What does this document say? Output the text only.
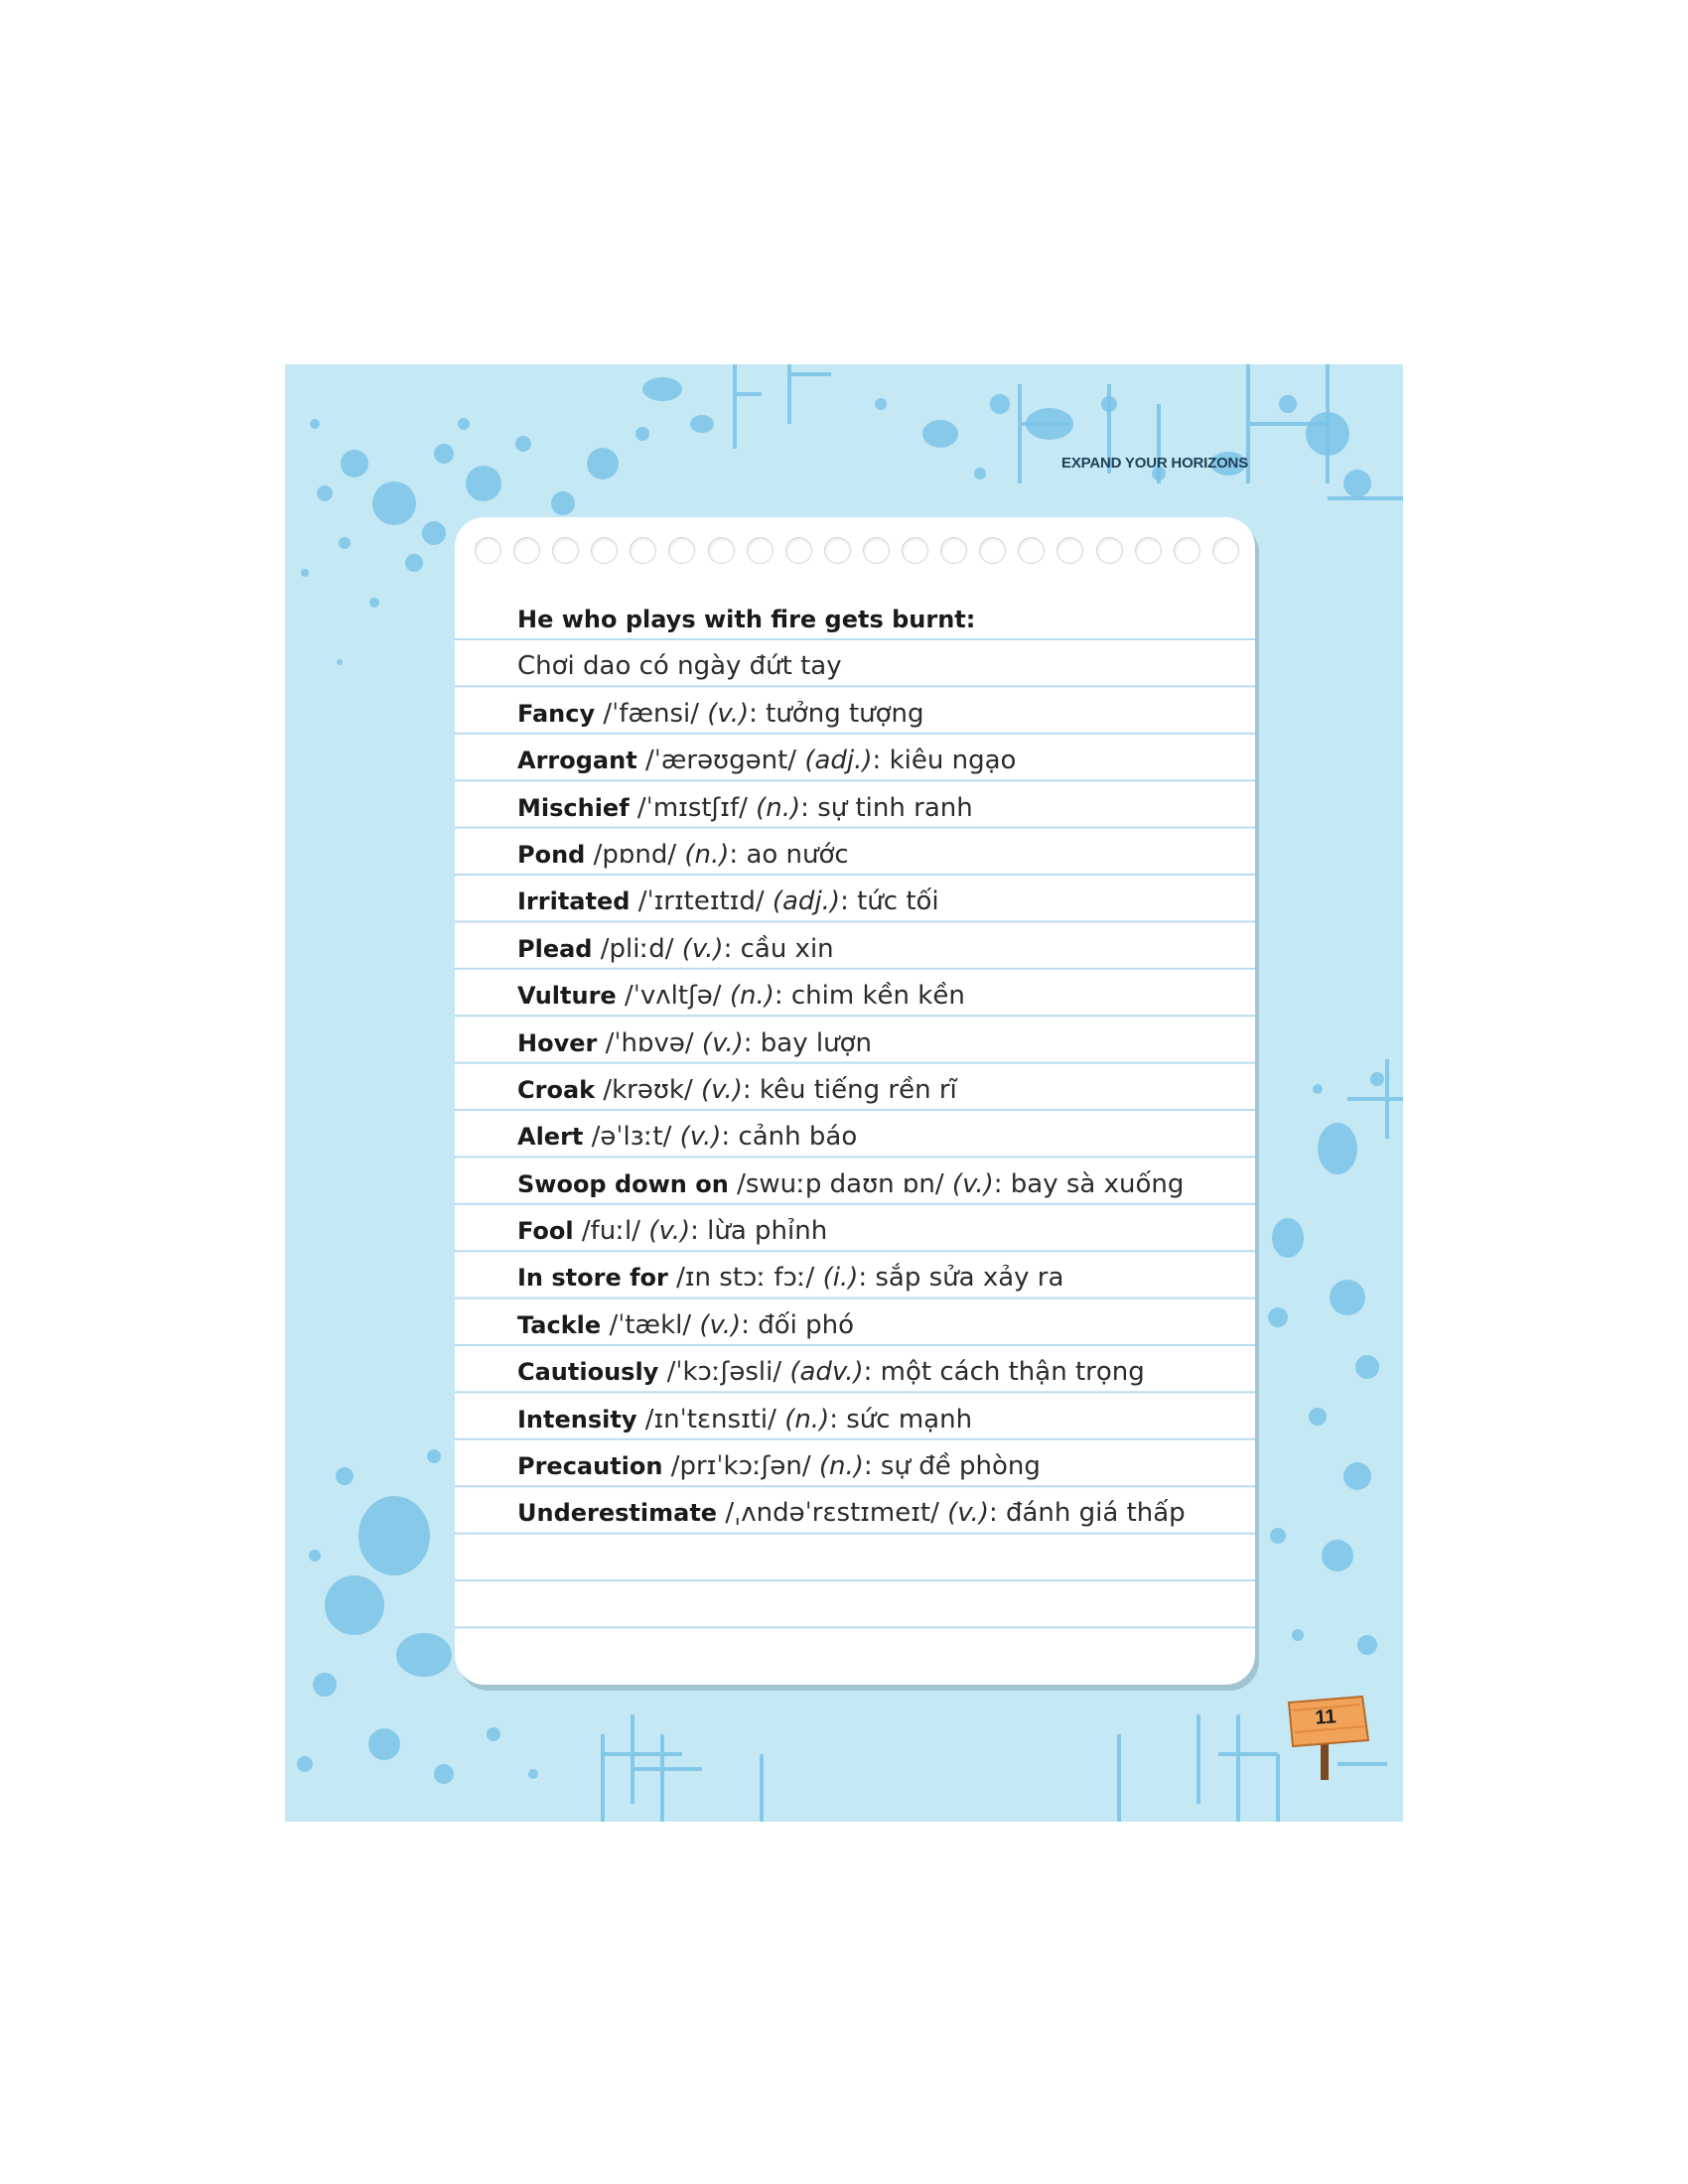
EXPAND YOUR HORIZONS
He who plays with fire gets burnt:
Chơi dao có ngày đứt tay
Fancy /ˈfænsi/ (v.): tưởng tượng
Arrogant /ˈærəʊgənt/ (adj.): kiêu ngạo
Mischief /ˈmɪstʃɪf/ (n.): sự tinh ranh
Pond /pɒnd/ (n.): ao nước
Irritated /ˈɪrɪteɪtɪd/ (adj.): tức tối
Plead /pliːd/ (v.): cầu xin
Vulture /ˈvʌltʃə/ (n.): chim kền kền
Hover /ˈhɒvə/ (v.): bay lượn
Croak /krəʊk/ (v.): kêu tiếng rền rĩ
Alert /əˈlɜːt/ (v.): cảnh báo
Swoop down on /swuːp daʊn ɒn/ (v.): bay sà xuống
Fool /fuːl/ (v.): lừa phỉnh
In store for /ɪn stɔː fɔː/ (i.): sắp sửa xảy ra
Tackle /ˈtækl/ (v.): đối phó
Cautiously /ˈkɔːʃəsli/ (adv.): một cách thận trọng
Intensity /ɪnˈtɛnsɪti/ (n.): sức mạnh
Precaution /prɪˈkɔːʃən/ (n.): sự đề phòng
Underestimate /ˌʌndəˈrɛstɪmeɪt/ (v.): đánh giá thấp
11
